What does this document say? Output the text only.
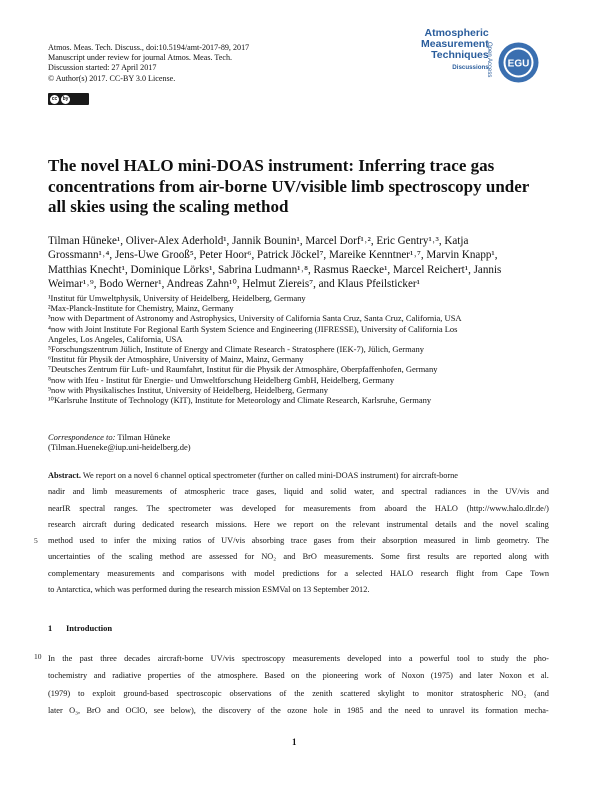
Atmos. Meas. Tech. Discuss., doi:10.5194/amt-2017-89, 2017
Manuscript under review for journal Atmos. Meas. Tech.
Discussion started: 27 April 2017
© Author(s) 2017. CC-BY 3.0 License.
cc	by
Atmospheric
Measurement
Techniques
Discussions
Open Access EGU
The novel HALO mini-DOAS instrument: Inferring trace gas
concentrations from air-borne UV/visible limb spectroscopy under
all skies using the scaling method
Tilman Hüneke¹, Oliver-Alex Aderhold¹, Jannik Bounin¹, Marcel Dorf¹˒², Eric Gentry¹˒³, Katja
Grossmann¹˒⁴, Jens-Uwe Grooß⁵, Peter Hoor⁶, Patrick Jöckel⁷, Mareike Kenntner¹˒⁷, Marvin Knapp¹,
Matthias Knecht¹, Dominique Lörks¹, Sabrina Ludmann¹˒⁸, Rasmus Raecke¹, Marcel Reichert¹, Jannis
Weimar¹˒⁹, Bodo Werner¹, Andreas Zahn¹⁰, Helmut Ziereis⁷, and Klaus Pfeilsticker¹
¹Institut für Umweltphysik, University of Heidelberg, Heidelberg, Germany
²Max-Planck-Institute for Chemistry, Mainz, Germany
³now with Department of Astronomy and Astrophysics, University of California Santa Cruz, Santa Cruz, California, USA
⁴now with Joint Institute For Regional Earth System Science and Engineering (JIFRESSE), University of California Los
Angeles, Los Angeles, California, USA
⁵Forschungszentrum Jülich, Institute of Energy and Climate Research - Stratosphere (IEK-7), Jülich, Germany
⁶Institut für Physik der Atmosphäre, University of Mainz, Mainz, Germany
⁷Deutsches Zentrum für Luft- und Raumfahrt, Institut für die Physik der Atmosphäre, Oberpfaffenhofen, Germany
⁸now with Ifeu - Institut für Energie- und Umweltforschung Heidelberg GmbH, Heidelberg, Germany
⁹now with Physikalisches Institut, University of Heidelberg, Heidelberg, Germany
¹⁰Karlsruhe Institute of Technology (KIT), Institute for Meteorology and Climate Research, Karlsruhe, Germany
Correspondence to: Tilman Hüneke
(Tilman.Hueneke@iup.uni-heidelberg.de)
Abstract. We report on a novel 6 channel optical spectrometer (further on called mini-DOAS instrument) for aircraft-borne
nadir and limb measurements of atmospheric trace gases, liquid and solid water, and spectral radiances in the UV/vis and
nearIR spectral ranges. The spectrometer was developed for measurements from aboard the HALO (http://www.halo.dlr.de/)
research aircraft during dedicated research missions. Here we report on the relevant instrumental details and the novel scaling
method used to infer the mixing ratios of UV/vis absorbing trace gases from their absorption measured in limb geometry. The
uncertainties of the scaling method are assessed for NO₂ and BrO measurements. Some first results are reported along with
complementary measurements and comparisons with model predictions for a selected HALO research flight from Cape Town
to Antarctica, which was performed during the research mission ESMVal on 13 September 2012.
5
1 Introduction
In the past three decades aircraft-borne UV/vis spectroscopy measurements developed into a powerful tool to study the pho-
tochemistry and radiative properties of the atmosphere. Based on the pioneering work of Noxon (1975) and later Noxon et al.
(1979) to exploit ground-based spectroscopic observations of the zenith scattered skylight to monitor stratospheric NO₂ (and
later O₃, BrO and OClO, see below), the discovery of the ozone hole in 1985 and the need to unravel its formation mecha-
10
1
